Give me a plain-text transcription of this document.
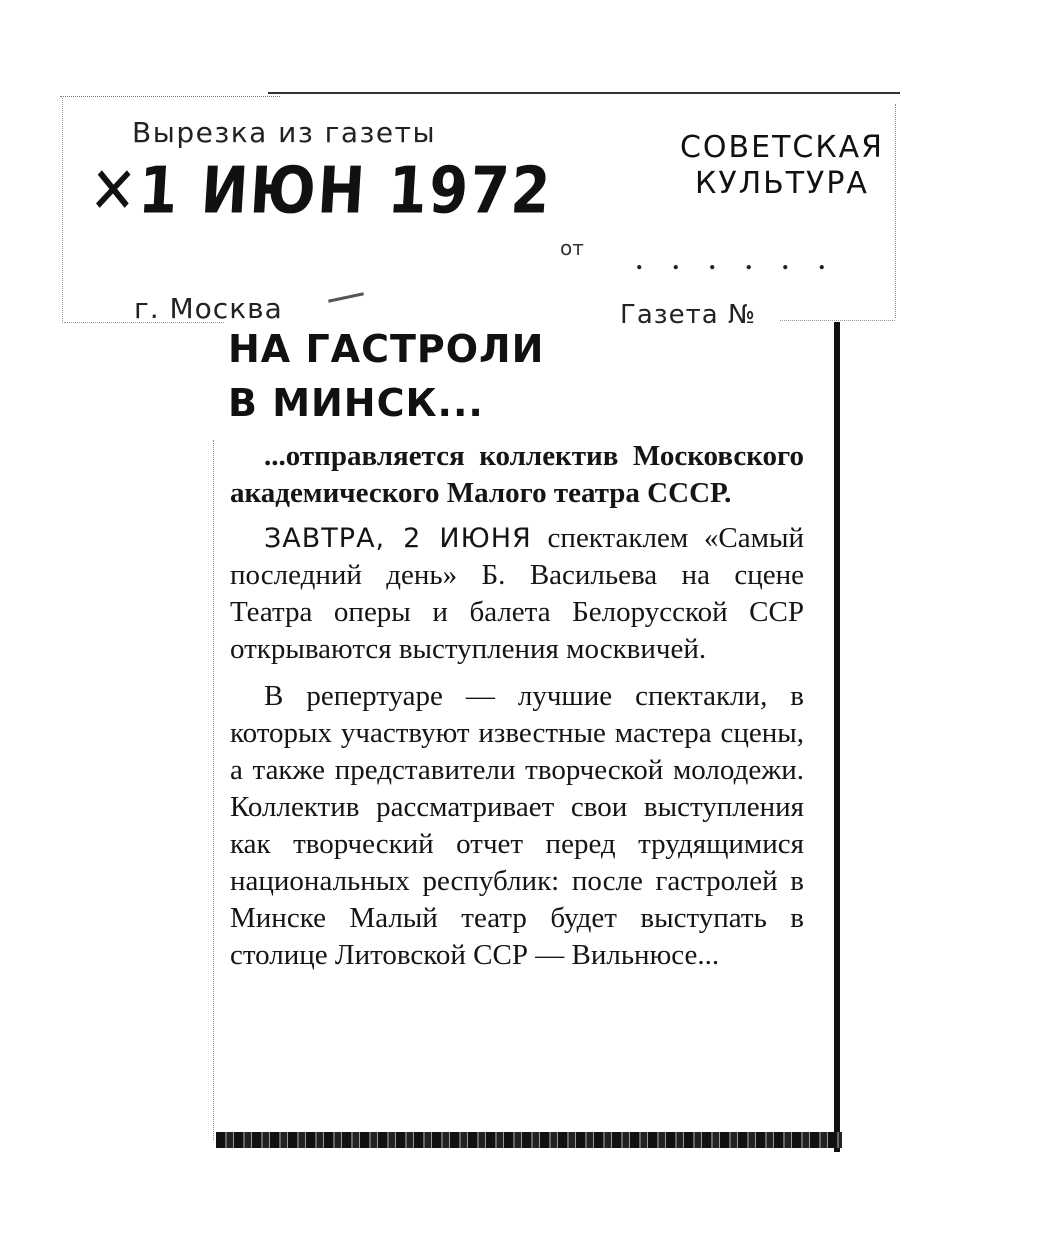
Вырезка из газеты
✕1 ИЮН 1972
СОВЕТСКАЯ
КУЛЬТУРА
от ......
г. Москва	Газета №
НА ГАСТРОЛИ
В МИНСК...

...отправляется коллектив Московского академического Малого театра СССР.

ЗАВТРА, 2 ИЮНЯ спектаклем «Самый последний день» Б. Васильева на сцене Театра оперы и балета Белорусской ССР открываются выступления москвичей.

В репертуаре — лучшие спектакли, в которых участвуют известные мастера сцены, а также представители творческой молодежи. Коллектив рассматривает свои выступления как творческий отчет перед трудящимися национальных республик: после гастролей в Минске Малый театр будет выступать в столице Литовской ССР — Вильнюсе...
